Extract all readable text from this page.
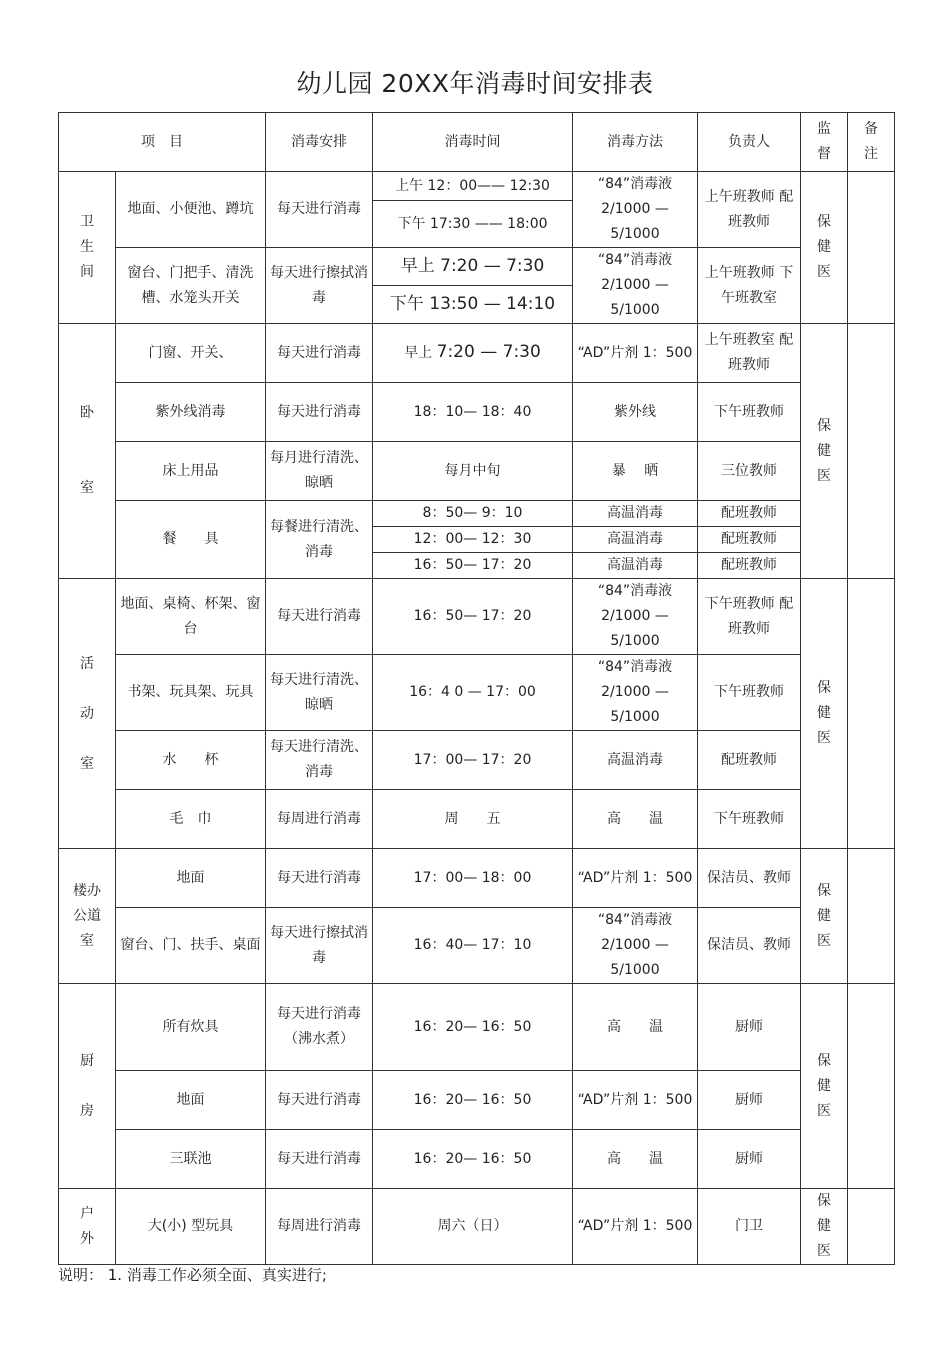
幼儿园 20XX年消毒时间安排表
项　目		消毒安排	消毒时间	消毒方法	负责人	监督	备注

卫生间	地面、小便池、蹲坑	每天进行消毒	上午 12：00—— 12:30	“84”消毒液 2/1000 — 5/1000	上午班教师 配班教师	保健医	

			下午 17:30 —— 18:00				
	窗台、门把手、清洗槽、水笼头开关	每天进行擦拭消毒	早上 7:20 — 7:30	“84”消毒液 2/1000 — 5/1000	上午班教师 下午班教室		
			下午 13:50 — 14:10				

卧室	门窗、开关、	每天进行消毒	早上 7:20 — 7:30	“AD”片剂 1：500	上午班教室 配班教师	保健医	

	紫外线消毒	每天进行消毒	18：10— 18：40	紫外线	下午班教师		
	床上用品	每月进行清洗、晾晒	每月中旬	暴　 晒	三位教师		
	餐　　具	每餐进行清洗、消毒	8：50— 9：10	高温消毒	配班教师		
			12：00— 12：30	高温消毒	配班教师		
			16：50— 17：20	高温消毒	配班教师		

活动室	地面、桌椅、杯架、窗台	每天进行消毒	16：50— 17：20	“84”消毒液 2/1000 — 5/1000	下午班教师 配班教师	保健医	

	书架、玩具架、玩具	每天进行清洗、晾晒	16：4 0 — 17：00	“84”消毒液 2/1000 — 5/1000	下午班教师		
	水　　杯	每天进行清洗、消毒	17：00— 17：20	高温消毒	配班教师		
	毛　巾	每周进行消毒	周　　五	高　　温	下午班教师		

楼办公道室	地面	每天进行消毒	17：00— 18：00	“AD”片剂 1：500	保洁员、教师	保健医	

	窗台、门、扶手、桌面	每天进行擦拭消毒	16：40— 17：10	“84”消毒液 2/1000 — 5/1000	保洁员、教师		

厨房	所有炊具	每天进行消毒（沸水煮）	16：20— 16：50	高　　温	厨师	保健医	

	地面	每天进行消毒	16：20— 16：50	“AD”片剂 1：500	厨师		
	三联池	每天进行消毒	16：20— 16：50	高　　温	厨师		

户外	大(小) 型玩具	每周进行消毒	周六（日）	“AD”片剂 1：500	门卫	保健医	

说明： 1. 消毒工作必须全面、真实进行;
